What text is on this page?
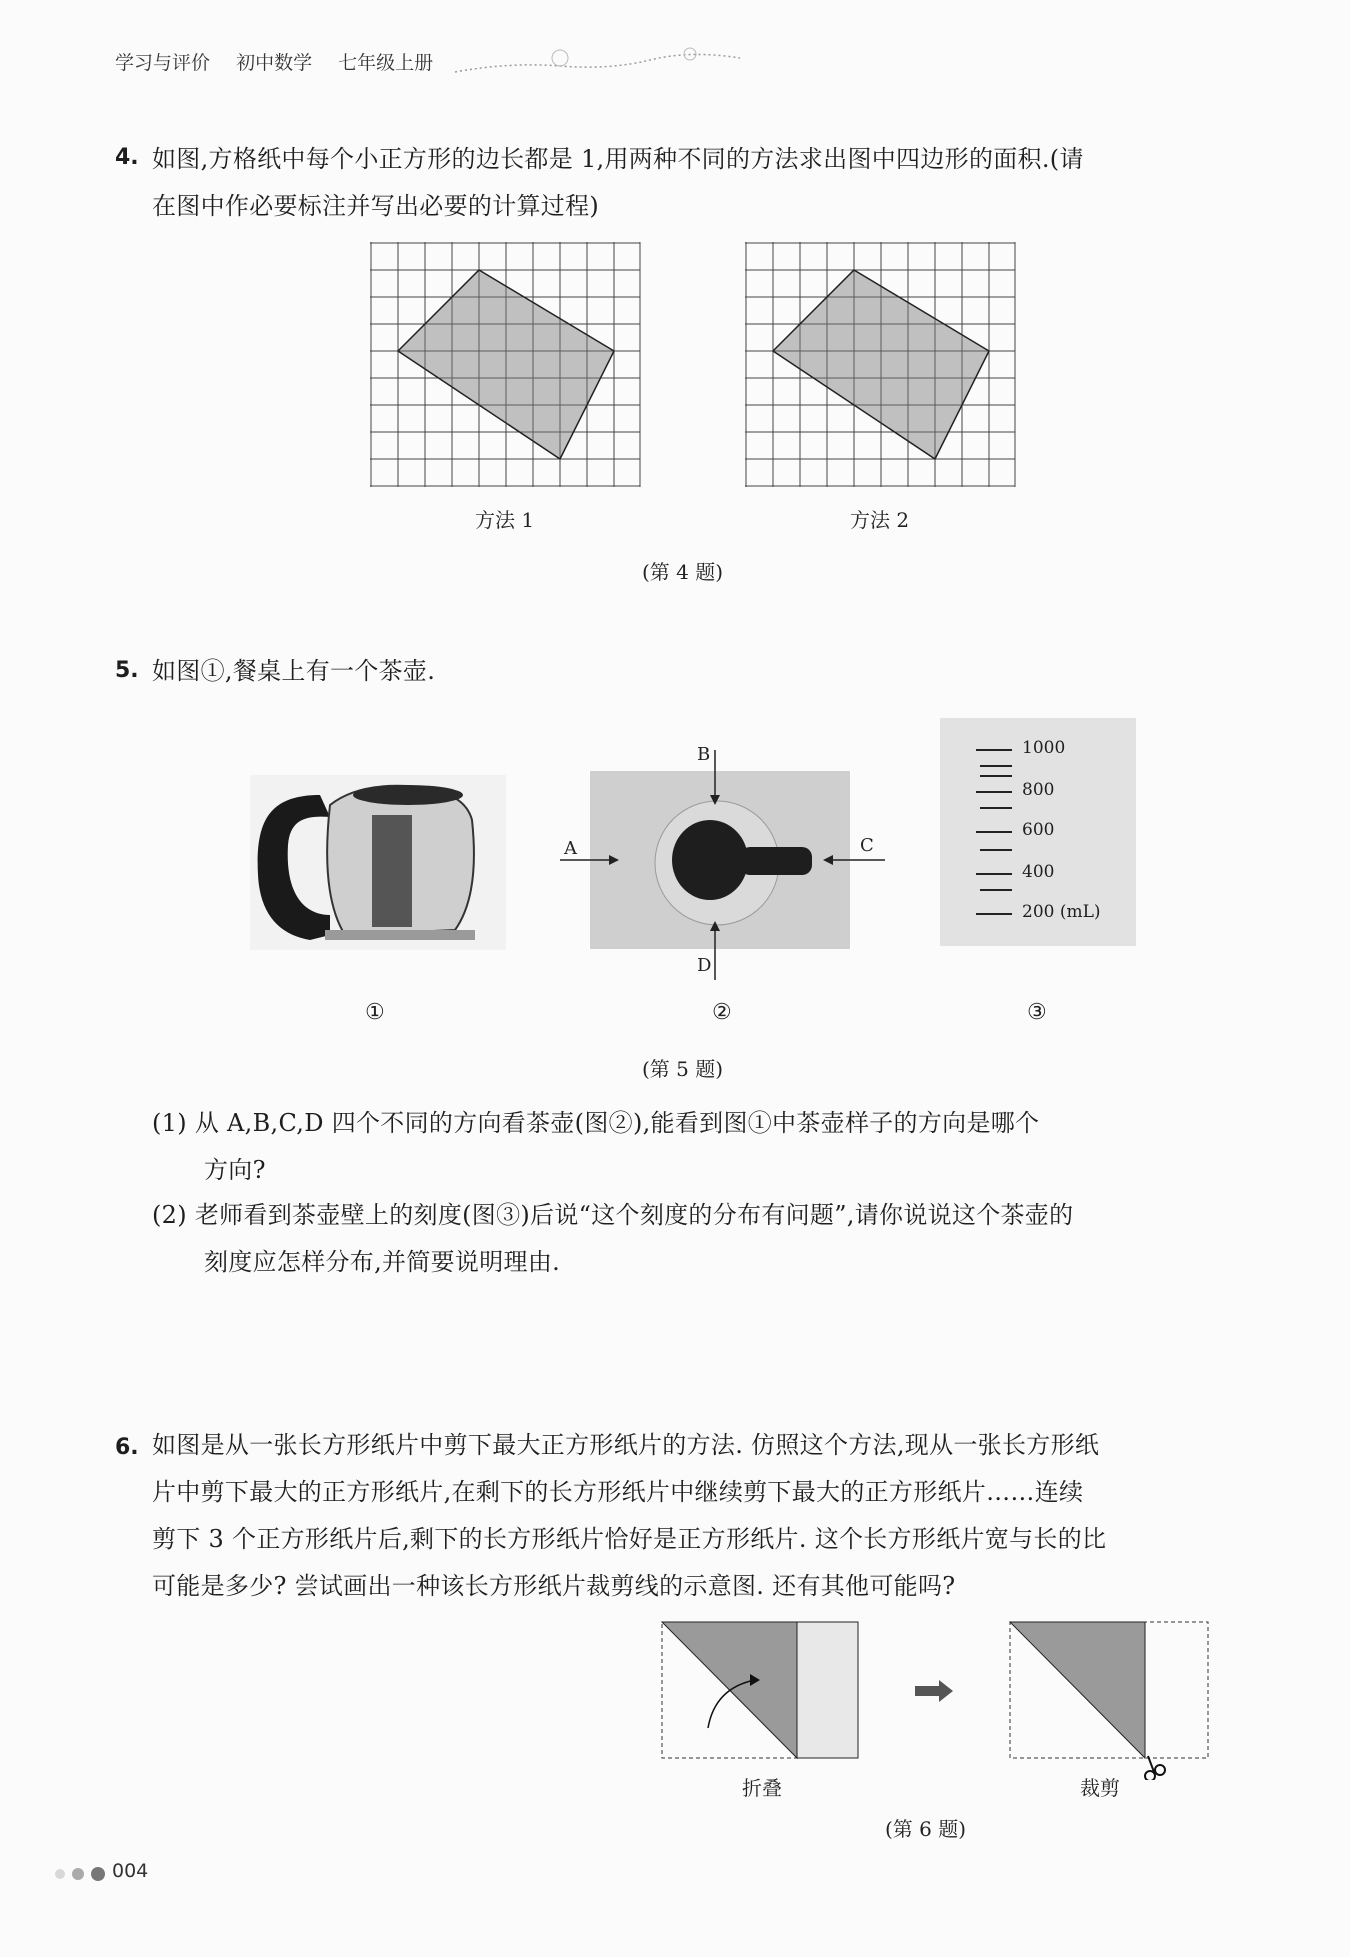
学习与评价 初中数学 七年级上册
4. 如图,方格纸中每个小正方形的边长都是 1,用两种不同的方法求出图中四边形的面积.(请
在图中作必要标注并写出必要的计算过程)
方法 1	方法 2
(第 4 题)
5. 如图①,餐桌上有一个茶壶.
B
A	C
D
1000
800
600
400
200 (mL)
①	②	③
(第 5 题)
(1) 从 A,B,C,D 四个不同的方向看茶壶(图②),能看到图①中茶壶样子的方向是哪个
方向?
(2) 老师看到茶壶壁上的刻度(图③)后说“这个刻度的分布有问题”,请你说说这个茶壶的
刻度应怎样分布,并简要说明理由.
6. 如图是从一张长方形纸片中剪下最大正方形纸片的方法. 仿照这个方法,现从一张长方形纸
片中剪下最大的正方形纸片,在剩下的长方形纸片中继续剪下最大的正方形纸片……连续
剪下 3 个正方形纸片后,剩下的长方形纸片恰好是正方形纸片. 这个长方形纸片宽与长的比
可能是多少? 尝试画出一种该长方形纸片裁剪线的示意图. 还有其他可能吗?
折叠	裁剪
(第 6 题)
004
